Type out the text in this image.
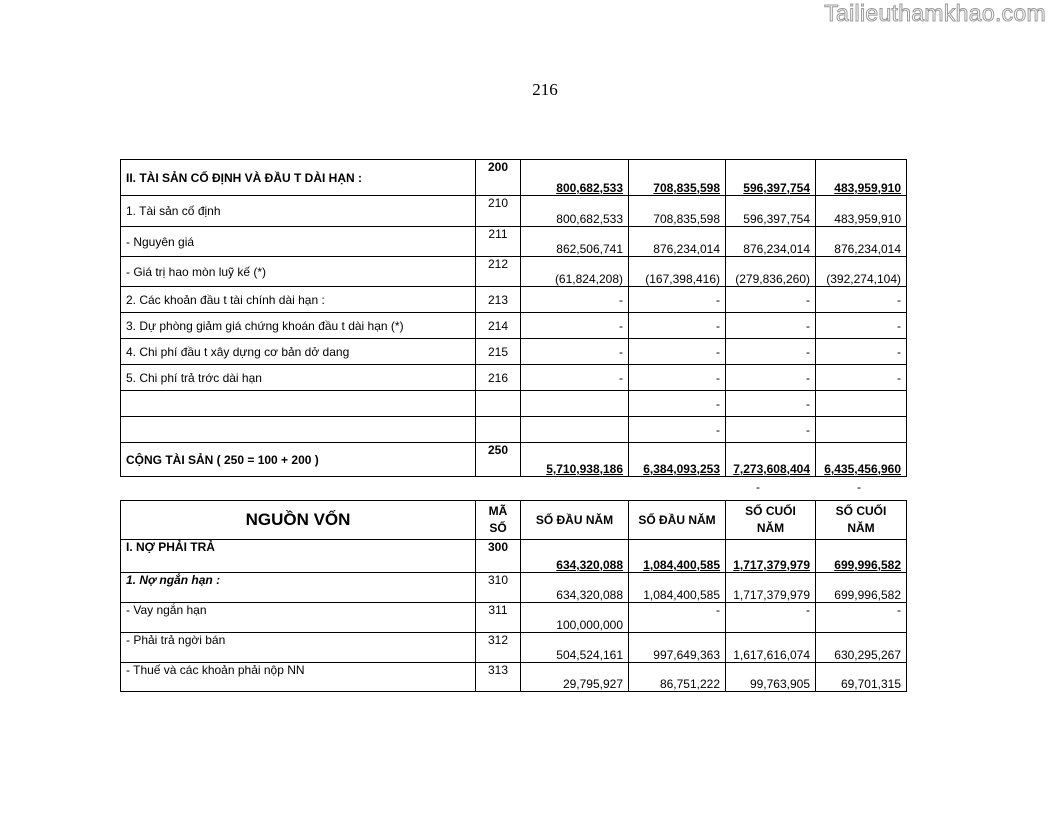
Tailieuthamkhao.com
216
II. TÀI SẢN CỐ ĐỊNH VÀ ĐẦU T DÀI HẠN :	200	800,682,533	708,835,598	596,397,754	483,959,910
1. Tài sản cố định	210	800,682,533	708,835,598	596,397,754	483,959,910
- Nguyên giá	211	862,506,741	876,234,014	876,234,014	876,234,014
- Giá trị hao mòn luỹ kế (*)	212	(61,824,208)	(167,398,416)	(279,836,260)	(392,274,104)
2. Các khoản đầu t tài chính dài hạn :	213	-	-	-	-
3. Dự phòng giảm giá chứng khoán đầu t dài hạn (*)	214	-	-	-	-
4. Chi phí đầu t xây dựng cơ bản dở dang	215	-	-	-	-
5. Chi phí trả trớc dài hạn	216	-	-	-	-
			-	-	
			-	-	
CỘNG TÀI SẢN ( 250 = 100 + 200 )	250	5,710,938,186	6,384,093,253	7,273,608,404	6,435,456,960
-	-
NGUỒN VỐN	MÃ SỐ	SỐ ĐẦU NĂM	SỐ ĐẦU NĂM	SỐ CUỐI NĂM	SỐ CUỐI NĂM
I. NỢ PHẢI TRẢ	300	634,320,088	1,084,400,585	1,717,379,979	699,996,582
1. Nợ ngắn hạn :	310	634,320,088	1,084,400,585	1,717,379,979	699,996,582
- Vay ngắn hạn	311	100,000,000	-	-	-
- Phải trả ngời bán	312	504,524,161	997,649,363	1,617,616,074	630,295,267
- Thuế và các khoản phải nộp NN	313	29,795,927	86,751,222	99,763,905	69,701,315
